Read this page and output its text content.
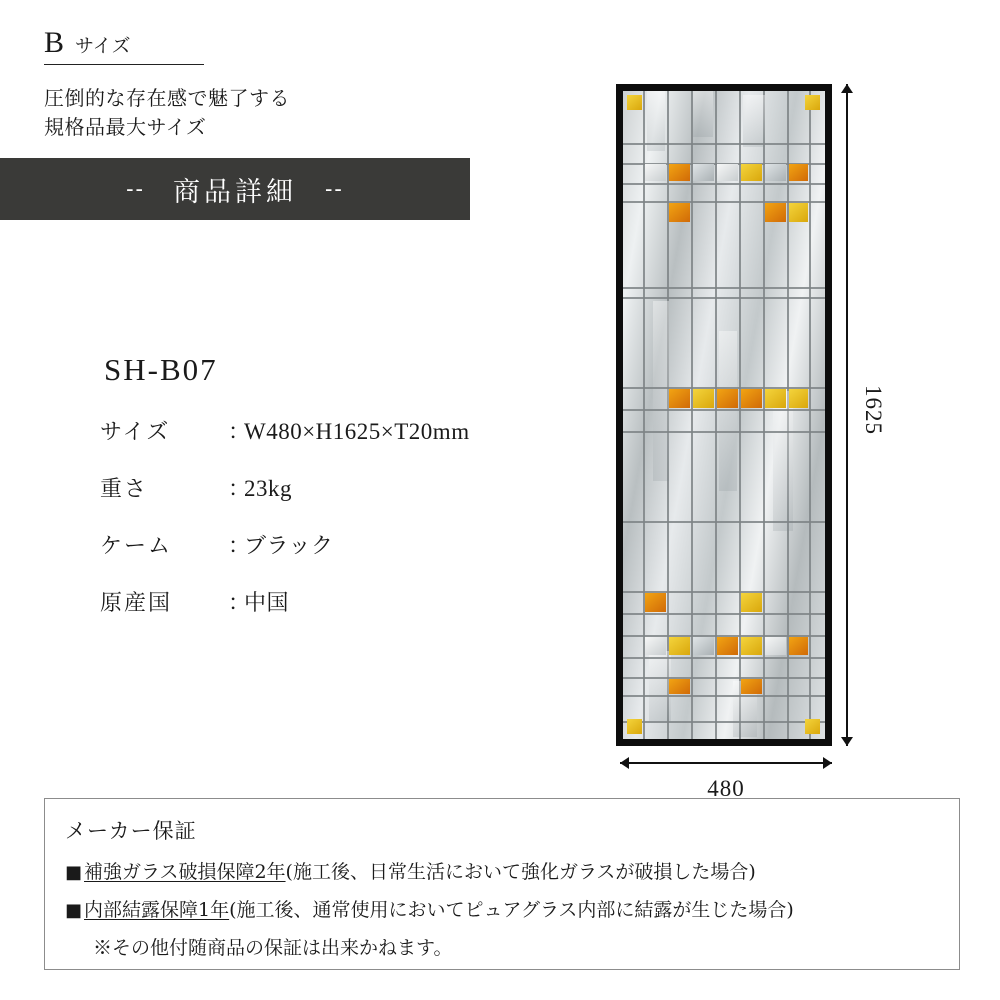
B サイズ
圧倒的な存在感で魅了する
規格品最大サイズ
-- 商品詳細 --
SH-B07
サイズ	：
W480×H1625×T20mm
重さ	：
23kg
ケーム	：
ブラック
原産国	：
中国
1625
480
メーカー保証
■ 補強ガラス破損保障2年(施工後、日常生活において強化ガラスが破損した場合)
■ 内部結露保障1年(施工後、通常使用においてピュアグラス内部に結露が生じた場合)
※その他付随商品の保証は出来かねます。
